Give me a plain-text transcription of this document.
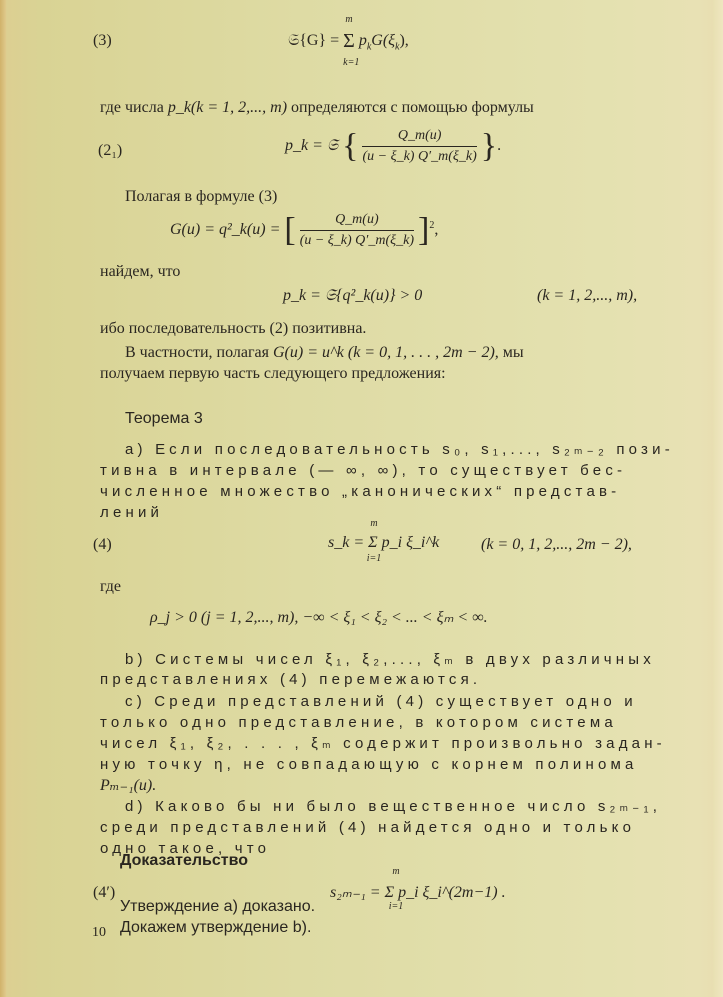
(3)	𝔖{G} =
m
Σ
k=1
$p_kG(\xi_k)$,
где числа p_k(k = 1, 2,..., m) определяются с помощью формулы
(2₁)	p_k = 𝔖 { $\frac{Q\_m(u)}{(u - \xi\_k) Q'\_m(\xi\_k)}$ }.
Полагая в формуле (3)
G(u) = q²_k(u) = [ $\frac{Q\_m(u)}{(u - \xi\_k) Q'\_m(\xi\_k)} ]^2$,
найдем, что
p_k = 𝔖{q²_k(u)} > 0	(k = 1, 2,..., m),
ибо последовательность (2) позитивна.
В частности, полагая G(u) = u^k (k = 0, 1, . . . , 2m − 2), мы
получаем первую часть следующего предложения:
Теорема 3
a) Если последовательность s₀, s₁,..., s₂ₘ₋₂ пози-
тивна в интервале (— ∞, ∞), то существует бес-
численное множество „канонических“ представ-
лений
(4)	s_k = Σ p_i ξ_i^k
m
i=1
(k = 0, 1, 2,..., 2m − 2),
где
ρ_j > 0 (j = 1, 2,..., m), −∞ < ξ₁ < ξ₂ < ... < ξₘ < ∞.
b) Системы чисел ξ₁, ξ₂,..., ξₘ в двух различных
представлениях (4) перемежаются.
c) Среди представлений (4) существует одно и
только одно представление, в котором система
чисел ξ₁, ξ₂, . . . , ξₘ содержит произвольно задан-
ную точку η, не совпадающую с корнем полинома
Pₘ₋₁(u).
d) Каково бы ни было вещественное число s₂ₘ₋₁,
среди представлений (4) найдется одно и только
одно такое, что
(4′)	s₂ₘ₋₁ = Σ p_i ξ_i^(2m−1) .
m
i=1
Доказательство
Утверждение a) доказано.
Докажем утверждение b).
10
